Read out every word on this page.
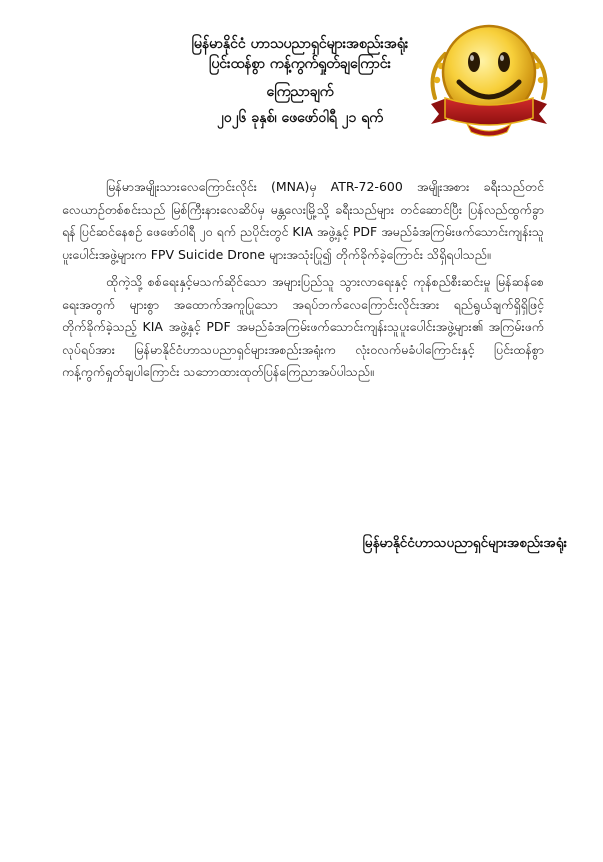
မြန်မာနိုင်ငံ ဟာသပညာရှင်များအစည်းအရုံး
ပြင်းထန်စွာ ကန့်ကွက်ရှုတ်ချကြောင်း
ကြေညာချက်
၂၀၂၆ ခုနှစ်၊ ဖေဖော်ဝါရီ ၂၁ ရက်

မြန်မာအမျိုးသားလေကြောင်းလိုင်း (MNA)မှ ATR-72-600 အမျိုးအစား ခရီးသည်တင်လေယာဉ်တစ်စင်းသည် မြစ်ကြီးနားလေဆိပ်မှ မန္တလေးမြို့သို့ ခရီးသည်များ တင်ဆောင်ပြီး ပြန်လည်ထွက်ခွာရန် ပြင်ဆင်နေစဉ် ဖေဖော်ဝါရီ ၂၀ ရက် ညပိုင်းတွင် KIA အဖွဲ့နှင့် PDF အမည်ခံအကြမ်းဖက်သောင်းကျန်းသူပူးပေါင်းအဖွဲ့များက FPV Suicide Drone များအသုံးပြု၍ တိုက်ခိုက်ခဲ့ကြောင်း သိရှိရပါသည်။

ထိုကဲ့သို့ စစ်ရေးနှင့်မသက်ဆိုင်သော အများပြည်သူ သွားလာရေးနှင့် ကုန်စည်စီးဆင်းမှု မြန်ဆန်စေရေးအတွက် များစွာ အထောက်အကူပြုသော အရပ်ဘက်လေကြောင်းလိုင်းအား ရည်ရွယ်ချက်ရှိရှိဖြင့် တိုက်ခိုက်ခဲ့သည့် KIA အဖွဲ့နှင့် PDF အမည်ခံအကြမ်းဖက်သောင်းကျန်းသူပူးပေါင်းအဖွဲ့များ၏ အကြမ်းဖက်လုပ်ရပ်အား မြန်မာနိုင်ငံဟာသပညာရှင်များအစည်းအရုံးက လုံးဝလက်မခံပါကြောင်းနှင့် ပြင်းထန်စွာ ကန့်ကွက်ရှုတ်ချပါကြောင်း သဘောထားထုတ်ပြန်ကြေညာအပ်ပါသည်။

မြန်မာနိုင်ငံဟာသပညာရှင်များအစည်းအရုံး
